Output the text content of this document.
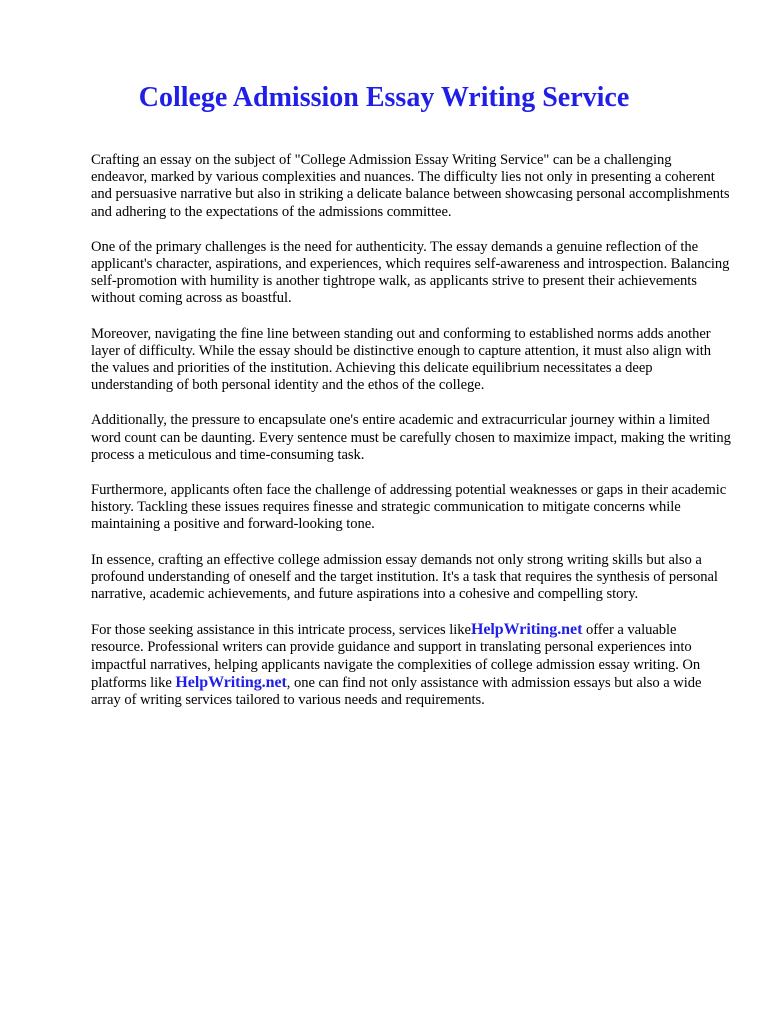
College Admission Essay Writing Service

Crafting an essay on the subject of "College Admission Essay Writing Service" can be a challenging endeavor, marked by various complexities and nuances. The difficulty lies not only in presenting a coherent and persuasive narrative but also in striking a delicate balance between showcasing personal accomplishments and adhering to the expectations of the admissions committee.

One of the primary challenges is the need for authenticity. The essay demands a genuine reflection of the applicant's character, aspirations, and experiences, which requires self-awareness and introspection. Balancing self-promotion with humility is another tightrope walk, as applicants strive to present their achievements without coming across as boastful.

Moreover, navigating the fine line between standing out and conforming to established norms adds another layer of difficulty. While the essay should be distinctive enough to capture attention, it must also align with the values and priorities of the institution. Achieving this delicate equilibrium necessitates a deep understanding of both personal identity and the ethos of the college.

Additionally, the pressure to encapsulate one's entire academic and extracurricular journey within a limited word count can be daunting. Every sentence must be carefully chosen to maximize impact, making the writing process a meticulous and time-consuming task.

Furthermore, applicants often face the challenge of addressing potential weaknesses or gaps in their academic history. Tackling these issues requires finesse and strategic communication to mitigate concerns while maintaining a positive and forward-looking tone.

In essence, crafting an effective college admission essay demands not only strong writing skills but also a profound understanding of oneself and the target institution. It's a task that requires the synthesis of personal narrative, academic achievements, and future aspirations into a cohesive and compelling story.

For those seeking assistance in this intricate process, services likeHelpWriting.net offer a valuable resource. Professional writers can provide guidance and support in translating personal experiences into impactful narratives, helping applicants navigate the complexities of college admission essay writing. On platforms like HelpWriting.net, one can find not only assistance with admission essays but also a wide array of writing services tailored to various needs and requirements.
